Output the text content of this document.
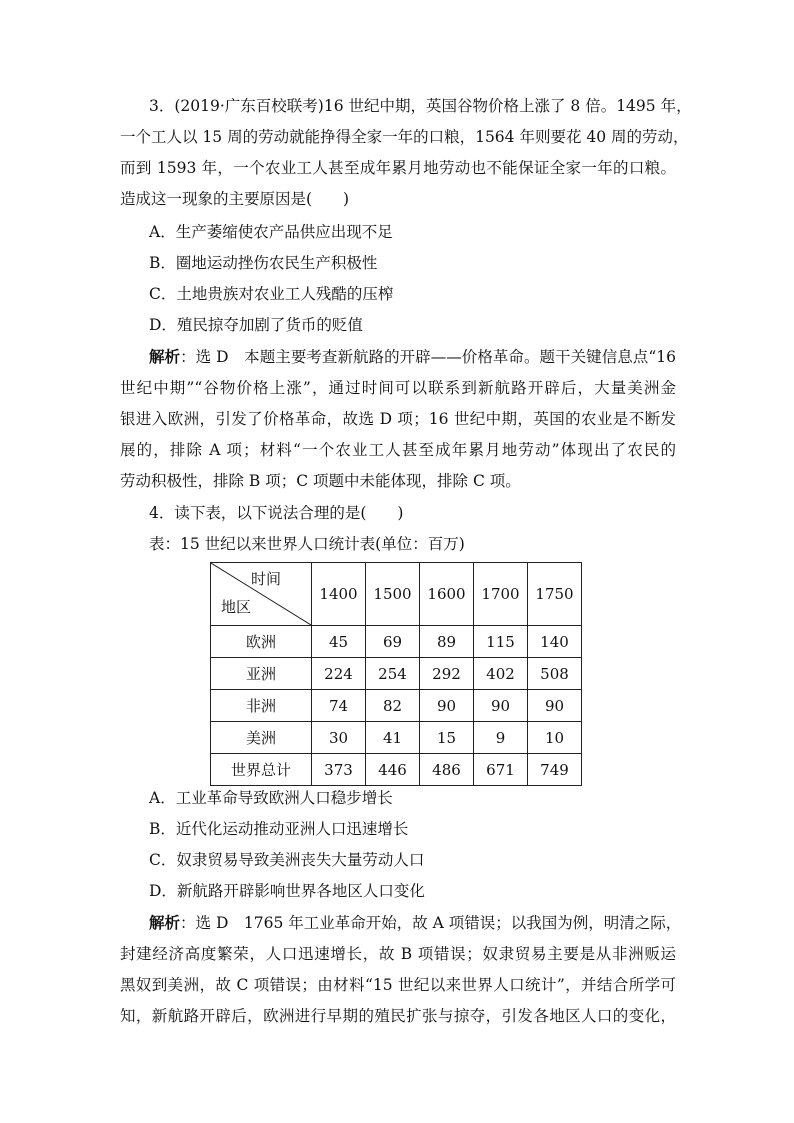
3．(2019·广东百校联考)16 世纪中期，英国谷物价格上涨了 8 倍。1495 年，
一个工人以 15 周的劳动就能挣得全家一年的口粮，1564 年则要花 40 周的劳动，
而到 1593 年，一个农业工人甚至成年累月地劳动也不能保证全家一年的口粮。
造成这一现象的主要原因是(　　)
A．生产萎缩使农产品供应出现不足
B．圈地运动挫伤农民生产积极性
C．土地贵族对农业工人残酷的压榨
D．殖民掠夺加剧了货币的贬值
解析：选 D　本题主要考查新航路的开辟——价格革命。题干关键信息点“16
世纪中期”“谷物价格上涨”，通过时间可以联系到新航路开辟后，大量美洲金
银进入欧洲，引发了价格革命，故选 D 项；16 世纪中期，英国的农业是不断发
展的，排除 A 项；材料“一个农业工人甚至成年累月地劳动”体现出了农民的
劳动积极性，排除 B 项；C 项题中未能体现，排除 C 项。
4．读下表，以下说法合理的是(　　)
表：15 世纪以来世界人口统计表(单位：百万)
时间
地区	1400	1500	1600	1700	1750
欧洲	45	69	89	115	140
亚洲	224	254	292	402	508
非洲	74	82	90	90	90
美洲	30	41	15	9	10
世界总计	373	446	486	671	749
A．工业革命导致欧洲人口稳步增长
B．近代化运动推动亚洲人口迅速增长
C．奴隶贸易导致美洲丧失大量劳动人口
D．新航路开辟影响世界各地区人口变化
解析：选 D　1765 年工业革命开始，故 A 项错误；以我国为例，明清之际，
封建经济高度繁荣，人口迅速增长，故 B 项错误；奴隶贸易主要是从非洲贩运
黑奴到美洲，故 C 项错误；由材料“15 世纪以来世界人口统计”，并结合所学可
知，新航路开辟后，欧洲进行早期的殖民扩张与掠夺，引发各地区人口的变化，
